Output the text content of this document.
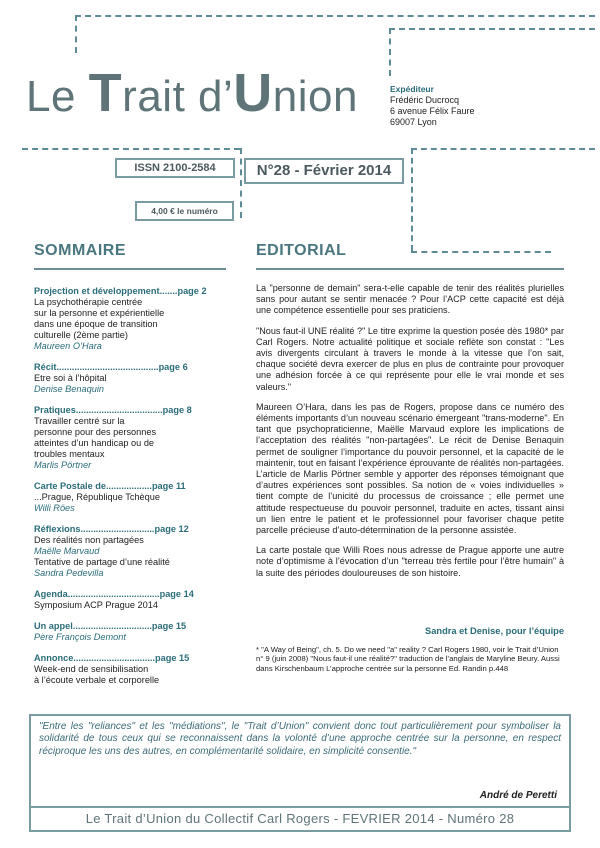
Le Trait d’Union	Expéditeur
Frédéric Ducrocq
6 avenue Félix Faure
69007 Lyon
ISSN 2100-2584	N°28 - Février 2014
4,00 € le numéro
SOMMAIRE	EDITORIAL
Projection et développement.......page 2
La psychothérapie centrée
sur la personne et expérientielle
dans une époque de transition
culturelle (2ème partie)
Maureen O’Hara
Récit........................................page 6
Etre soi à l’hôpital
Denise Benaquin
Pratiques..................................page 8
Travailler centré sur la
personne pour des personnes
atteintes d’un handicap ou de
troubles mentaux
Marlis Pörtner
Carte Postale de..................page 11
...Prague, République Tchèque
Willi Röes
Réflexions.............................page 12
Des réalités non partagées
Maëlle Marvaud
Tentative de partage d’une réalité
Sandra Pedevilla
Agenda....................................page 14
Symposium ACP Prague 2014
Un appel...............................page 15
Père François Demont
Annonce................................page 15
Week-end de sensibilisation
à l’écoute verbale et corporelle

La "personne de demain" sera-t-elle capable de tenir des réalités plurielles sans pour autant se sentir menacée ? Pour l’ACP cette capacité est déjà une compétence essentielle pour ses praticiens.

"Nous faut-il UNE réalité ?" Le titre exprime la question posée dès 1980* par Carl Rogers. Notre actualité politique et sociale reflète son constat : "Les avis divergents circulant à travers le monde à la vitesse que l’on sait, chaque société devra exercer de plus en plus de contrainte pour provoquer une adhésion forcée à ce qui représente pour elle le vrai monde et ses valeurs."

Maureen O’Hara, dans les pas de Rogers, propose dans ce numéro des éléments importants d’un nouveau scénario émergeant "trans-moderne". En tant que psychopraticienne, Maëlle Marvaud explore les implications de l’acceptation des réalités "non-partagées". Le récit de Denise Benaquin permet de souligner l’importance du pouvoir personnel, et la capacité de le maintenir, tout en faisant l’expérience éprouvante de réalités non-partagées. L’article de Marlis Pörtner semble y apporter des réponses témoignant que d’autres expériences sont possibles. Sa notion de « voies individuelles » tient compte de l’unicité du processus de croissance ; elle permet une attitude respectueuse du pouvoir personnel, traduite en actes, tissant ainsi un lien entre le patient et le professionnel pour favoriser chaque petite parcelle précieuse d’auto-détermination de la personne assistée.

La carte postale que Willi Roes nous adresse de Prague apporte une autre note d’optimisme à l’évocation d’un "terreau très fertile pour l’être humain" à la suite des périodes douloureuses de son histoire.

Sandra et Denise, pour l’équipe
* "A Way of Being", ch. 5. Do we need "a" reality ? Carl Rogers 1980, voir le Trait d’Union n° 9 (juin 2008) "Nous faut-il une réalité?" traduction de l’anglais de Maryline Beury. Aussi dans Kirschenbaum L’approche centrée sur la personne Ed. Randin p.448
"Entre les "reliances" et les "médiations", le "Trait d’Union" convient donc tout particulièrement pour symboliser la solidarité de tous ceux qui se reconnaissent dans la volonté d’une approche centrée sur la personne, en respect réciproque les uns des autres, en complémentarité solidaire, en simplicité consentie."
André de Peretti
Le Trait d’Union du Collectif Carl Rogers - FEVRIER 2014 - Numéro 28
